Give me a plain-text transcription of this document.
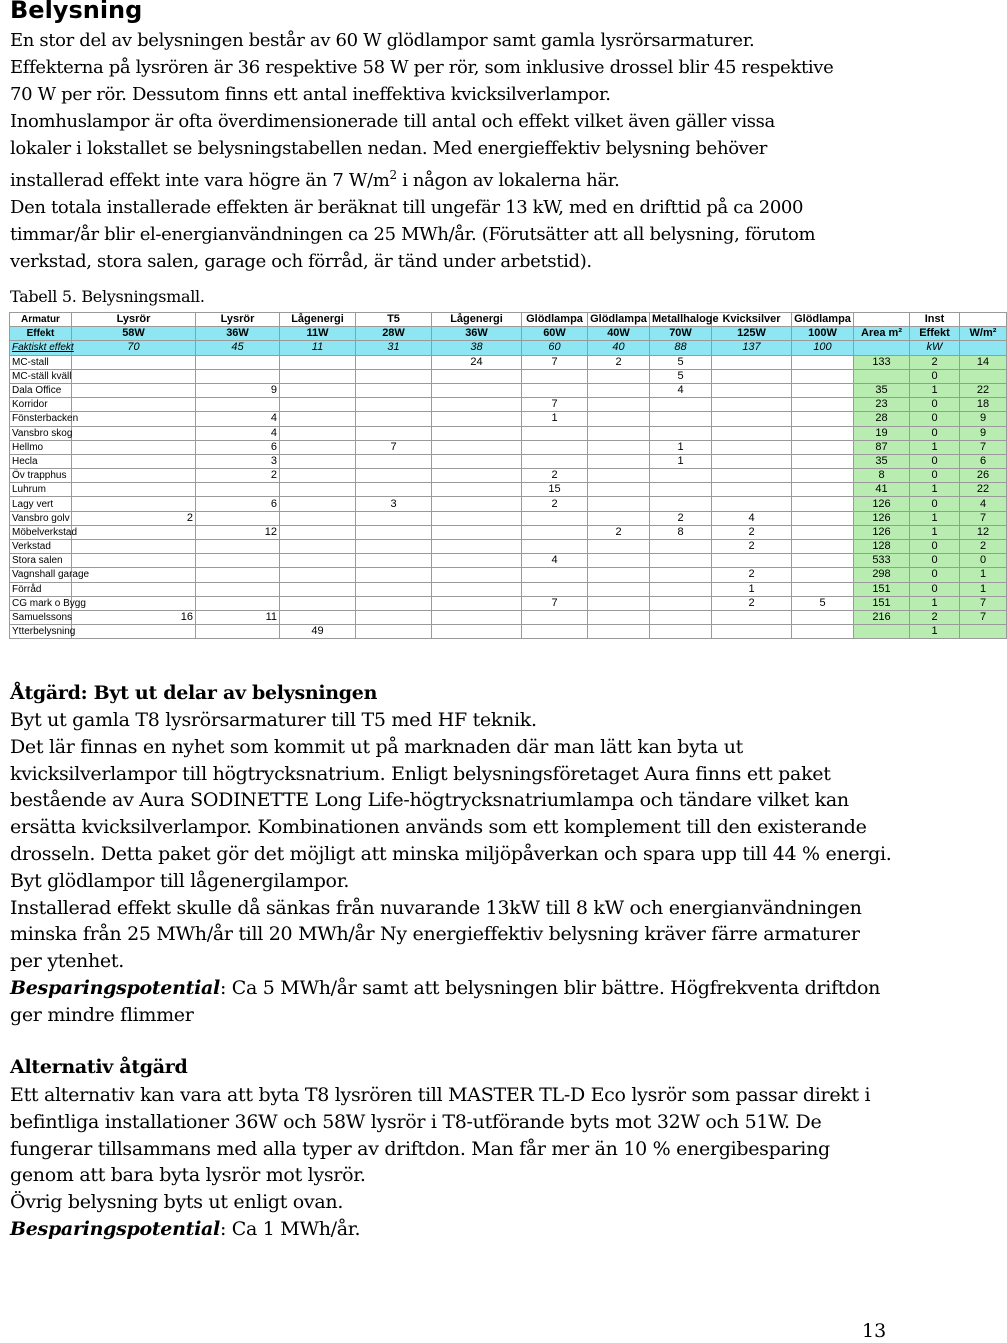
Belysning

En stor del av belysningen består av 60 W glödlampor samt gamla lysrörsarmaturer.

Effekterna på lysrören är 36 respektive 58 W per rör, som inklusive drossel blir 45 respektive

70 W per rör. Dessutom finns ett antal ineffektiva kvicksilverlampor.

Inomhuslampor är ofta överdimensionerade till antal och effekt vilket även gäller vissa

lokaler i lokstallet se belysningstabellen nedan. Med energieffektiv belysning behöver

installerad effekt inte vara högre än 7 $W/m^2$ i någon av lokalerna här.

Den totala installerade effekten är beräknat till ungefär 13 kW, med en drifttid på ca 2000

timmar/år blir el-energianvändningen ca 25 MWh/år. (Förutsätter att all belysning, förutom

verkstad, stora salen, garage och förråd, är tänd under arbetstid).

Tabell 5. Belysningsmall.

Armatur	Lysrör	Lysrör	Lågenergi	T5	Lågenergi	Glödlampa	Glödlampa	Metallhaloge	Kvicksilver	Glödlampa		Inst	
Effekt	58W	36W	11W	28W	36W	60W	40W	70W	125W	100W	Area m²	Effekt	W/m²
Faktiskt effekt	70	45	11	31	38	60	40	88	137	100		kW	
MC-stall					24	7	2	5			133	2	14
MC-ställ kväll								5				0	
Dala Office		9						4			35	1	22
Korridor						7					23	0	18
Fönsterbacken		4				1					28	0	9
Vansbro skog		4									19	0	9
Hellmo		6		7				1			87	1	7
Hecla		3						1			35	0	6
Öv trapphus		2				2					8	0	26
Luhrum						15					41	1	22
Lagy vert		6		3		2					126	0	4
Vansbro golv	2							2	4		126	1	7
Möbelverkstad		12					2	8	2		126	1	12
Verkstad									2		128	0	2
Stora salen						4					533	0	0
Vagnshall garage									2		298	0	1
Förråd									1		151	0	1
CG mark o Bygg						7			2	5	151	1	7
Samuelssons	16	11									216	2	7
Ytterbelysning			49									1	
Åtgärd: Byt ut delar av belysningen

Byt ut gamla T8 lysrörsarmaturer till T5 med HF teknik.

Det lär finnas en nyhet som kommit ut på marknaden där man lätt kan byta ut

kvicksilverlampor till högtrycksnatrium. Enligt belysningsföretaget Aura finns ett paket

bestående av Aura SODINETTE Long Life-högtrycksnatriumlampa och tändare vilket kan

ersätta kvicksilverlampor. Kombinationen används som ett komplement till den existerande

drosseln. Detta paket gör det möjligt att minska miljöpåverkan och spara upp till 44 % energi.

Byt glödlampor till lågenergilampor.

Installerad effekt skulle då sänkas från nuvarande 13kW till 8 kW och energianvändningen

minska från 25 MWh/år till 20 MWh/år Ny energieffektiv belysning kräver färre armaturer

per ytenhet.

Besparingspotential: Ca 5 MWh/år samt att belysningen blir bättre. Högfrekventa driftdon

ger mindre flimmer

Alternativ åtgärd

Ett alternativ kan vara att byta T8 lysrören till MASTER TL-D Eco lysrör som passar direkt i

befintliga installationer 36W och 58W lysrör i T8-utförande byts mot 32W och 51W. De

fungerar tillsammans med alla typer av driftdon. Man får mer än 10 % energibesparing

genom att bara byta lysrör mot lysrör.

Övrig belysning byts ut enligt ovan.

Besparingspotential: Ca 1 MWh/år.

13
